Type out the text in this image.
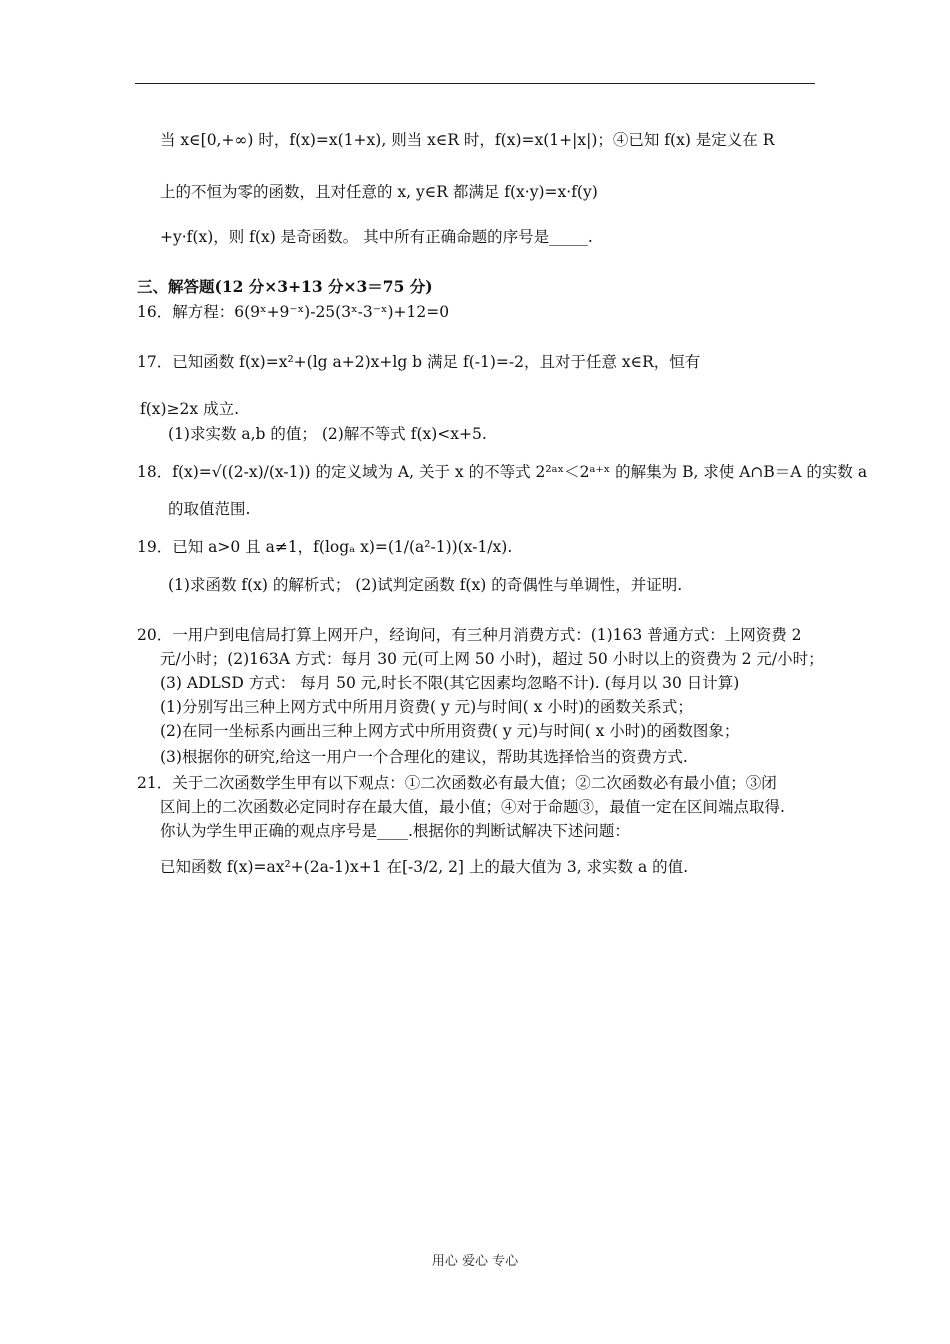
当 x∈[0,+∞) 时，f(x)=x(1+x), 则当 x∈R 时，f(x)=x(1+|x|)；④已知 f(x) 是定义在 R
上的不恒为零的函数，且对任意的 x, y∈R 都满足 f(x·y)=x·f(y)
+y·f(x)，则 f(x) 是奇函数。 其中所有正确命题的序号是_____.
三、解答题(12 分×3+13 分×3＝75 分)
16．解方程：6(9ˣ+9⁻ˣ)-25(3ˣ-3⁻ˣ)+12=0
17．已知函数 f(x)=x²+(lg a+2)x+lg b 满足 f(-1)=-2，且对于任意 x∈R，恒有
f(x)≥2x 成立.
(1)求实数 a,b 的值； (2)解不等式 f(x)<x+5.
18．f(x)=√((2-x)/(x-1)) 的定义域为 A, 关于 x 的不等式 2²ᵃˣ＜2ᵃ⁺ˣ 的解集为 B, 求使 A∩B＝A 的实数 a
的取值范围.
19．已知 a>0 且 a≠1，f(logₐ x)=(1/(a²-1))(x-1/x).
(1)求函数 f(x) 的解析式； (2)试判定函数 f(x) 的奇偶性与单调性，并证明.
20．一用户到电信局打算上网开户，经询问，有三种月消费方式：(1)163 普通方式：上网资费 2
元/小时；(2)163A 方式：每月 30 元(可上网 50 小时)，超过 50 小时以上的资费为 2 元/小时；
(3) ADLSD 方式： 每月 50 元,时长不限(其它因素均忽略不计). (每月以 30 日计算)
(1)分别写出三种上网方式中所用月资费( y 元)与时间( x 小时)的函数关系式；
(2)在同一坐标系内画出三种上网方式中所用资费( y 元)与时间( x 小时)的函数图象；
(3)根据你的研究,给这一用户一个合理化的建议，帮助其选择恰当的资费方式.
21．关于二次函数学生甲有以下观点：①二次函数必有最大值；②二次函数必有最小值；③闭
区间上的二次函数必定同时存在最大值，最小值；④对于命题③，最值一定在区间端点取得.
你认为学生甲正确的观点序号是____.根据你的判断试解决下述问题：
已知函数 f(x)=ax²+(2a-1)x+1 在[-3/2, 2] 上的最大值为 3, 求实数 a 的值.
用心 爱心 专心
